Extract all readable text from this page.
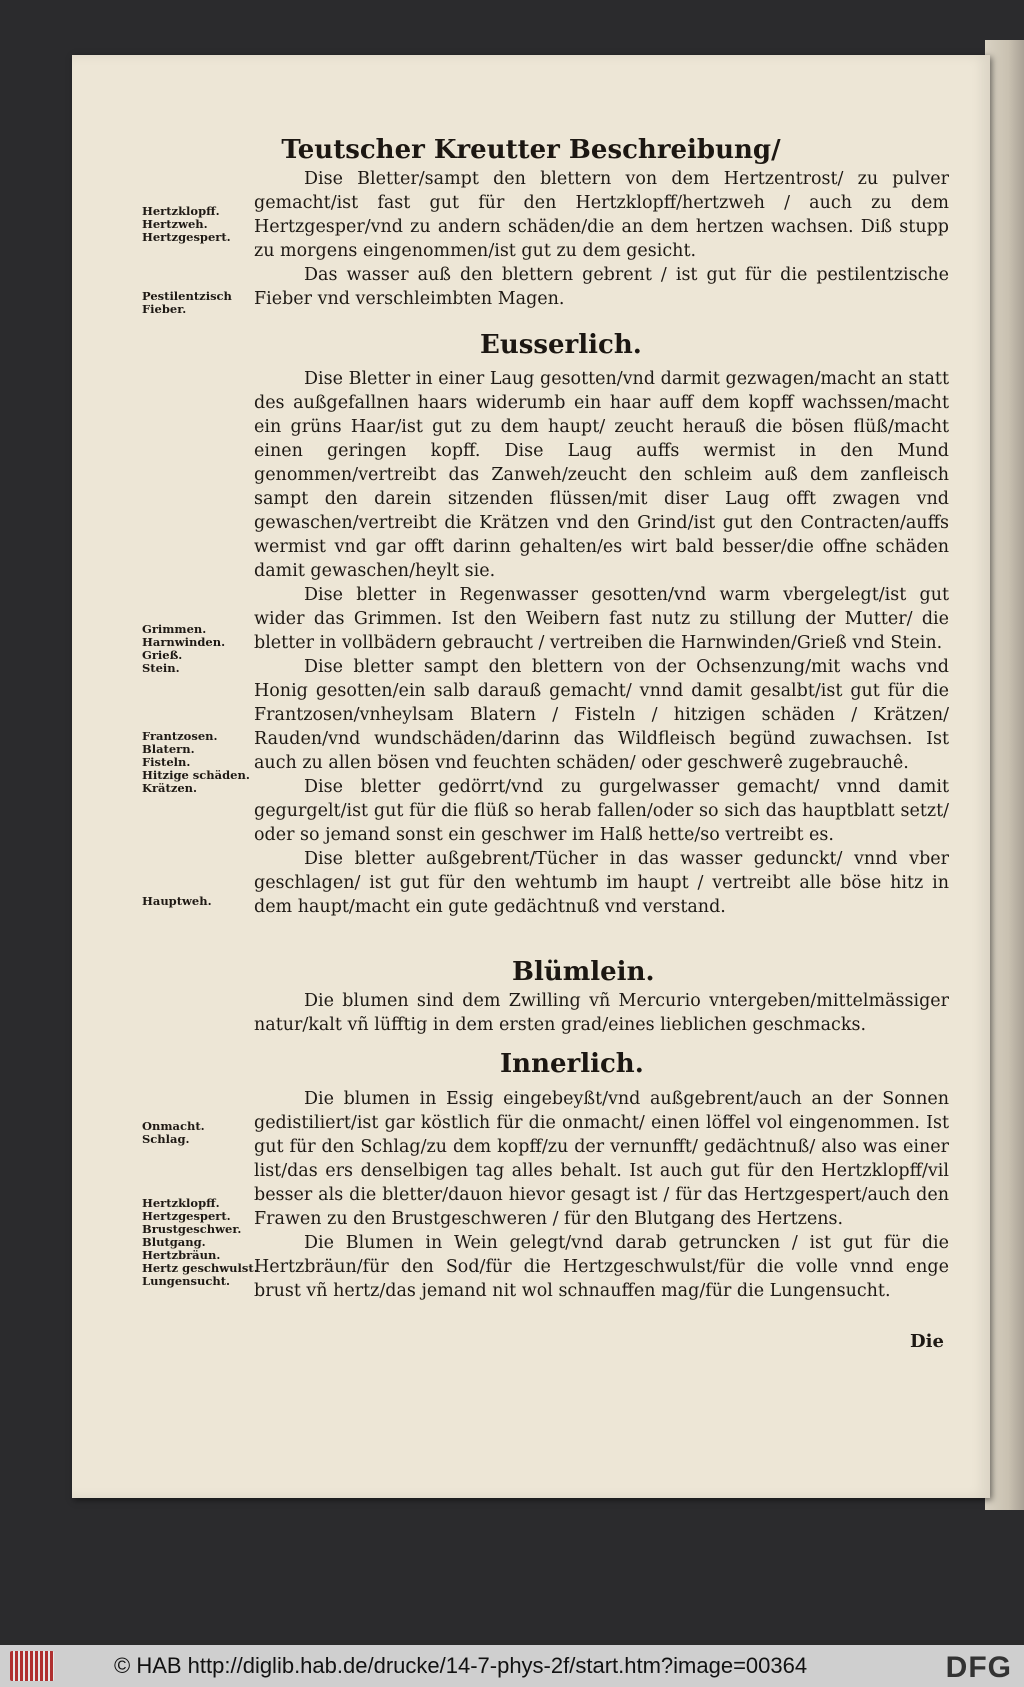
Teutscher Kreutter Beschreibung/

Dise Bletter/sampt den blettern von dem Hertzentrost/ zu pulver gemacht/ist fast gut für den Hertzklopff/hertzweh / auch zu dem Hertzgesper/vnd zu andern schäden/die an dem hertzen wachsen. Diß stupp zu morgens eingenommen/ist gut zu dem gesicht.

Das wasser auß den blettern gebrent / ist gut für die pestilentzische Fieber vnd verschleimbten Magen.

Eusserlich.

Dise Bletter in einer Laug gesotten/vnd darmit gezwagen/macht an statt des außgefallnen haars widerumb ein haar auff dem kopff wachssen/macht ein grüns Haar/ist gut zu dem haupt/ zeucht herauß die bösen flüß/macht einen geringen kopff. Dise Laug auffs wermist in den Mund genommen/vertreibt das Zanweh/zeucht den schleim auß dem zanfleisch sampt den darein sitzenden flüssen/mit diser Laug offt zwagen vnd gewaschen/vertreibt die Krätzen vnd den Grind/ist gut den Contracten/auffs wermist vnd gar offt darinn gehalten/es wirt bald besser/die offne schäden damit gewaschen/heylt sie.

Dise bletter in Regenwasser gesotten/vnd warm vbergelegt/ist gut wider das Grimmen. Ist den Weibern fast nutz zu stillung der Mutter/ die bletter in vollbädern gebraucht / vertreiben die Harnwinden/Grieß vnd Stein.

Dise bletter sampt den blettern von der Ochsenzung/mit wachs vnd Honig gesotten/ein salb darauß gemacht/ vnnd damit gesalbt/ist gut für die Frantzosen/vnheylsam Blatern / Fisteln / hitzigen schäden / Krätzen/ Rauden/vnd wundschäden/darinn das Wildfleisch begünd zuwachsen. Ist auch zu allen bösen vnd feuchten schäden/ oder geschwerê zugebrauchê.

Dise bletter gedörrt/vnd zu gurgelwasser gemacht/ vnnd damit gegurgelt/ist gut für die flüß so herab fallen/oder so sich das hauptblatt setzt/ oder so jemand sonst ein geschwer im Halß hette/so vertreibt es.

Dise bletter außgebrent/Tücher in das wasser gedunckt/ vnnd vber geschlagen/ ist gut für den wehtumb im haupt / vertreibt alle böse hitz in dem haupt/macht ein gute gedächtnuß vnd verstand.

Blümlein.

Die blumen sind dem Zwilling vñ Mercurio vntergeben/mittelmässiger natur/kalt vñ lüfftig in dem ersten grad/eines lieblichen geschmacks.

Innerlich.

Die blumen in Essig eingebeyßt/vnd außgebrent/auch an der Sonnen gedistiliert/ist gar köstlich für die onmacht/ einen löffel vol eingenommen. Ist gut für den Schlag/zu dem kopff/zu der vernunfft/ gedächtnuß/ also was einer list/das ers denselbigen tag alles behalt. Ist auch gut für den Hertzklopff/vil besser als die bletter/dauon hievor gesagt ist / für das Hertzgespert/auch den Frawen zu den Brustgeschweren / für den Blutgang des Hertzens.

Die Blumen in Wein gelegt/vnd darab getruncken / ist gut für die Hertzbräun/für den Sod/für die Hertzgeschwulst/für die volle vnnd enge brust vñ hertz/das jemand nit wol schnauffen mag/für die Lungensucht.

Die
Hertzklopff.
Hertzweh.
Hertzgespert.
Pestilentzisch
Fieber.
Grimmen.
Harnwinden.
Grieß.
Stein.
Frantzosen.
Blatern.
Fisteln.
Hitzige schäden.
Krätzen.
Hauptweh.
Onmacht.
Schlag.
Hertzklopff.
Hertzgespert.
Brustgeschwer.
Blutgang.
Hertzbräun.
Hertz geschwulst.
Lungensucht.
© HAB http://diglib.hab.de/drucke/14-7-phys-2f/start.htm?image=00364	DFG
